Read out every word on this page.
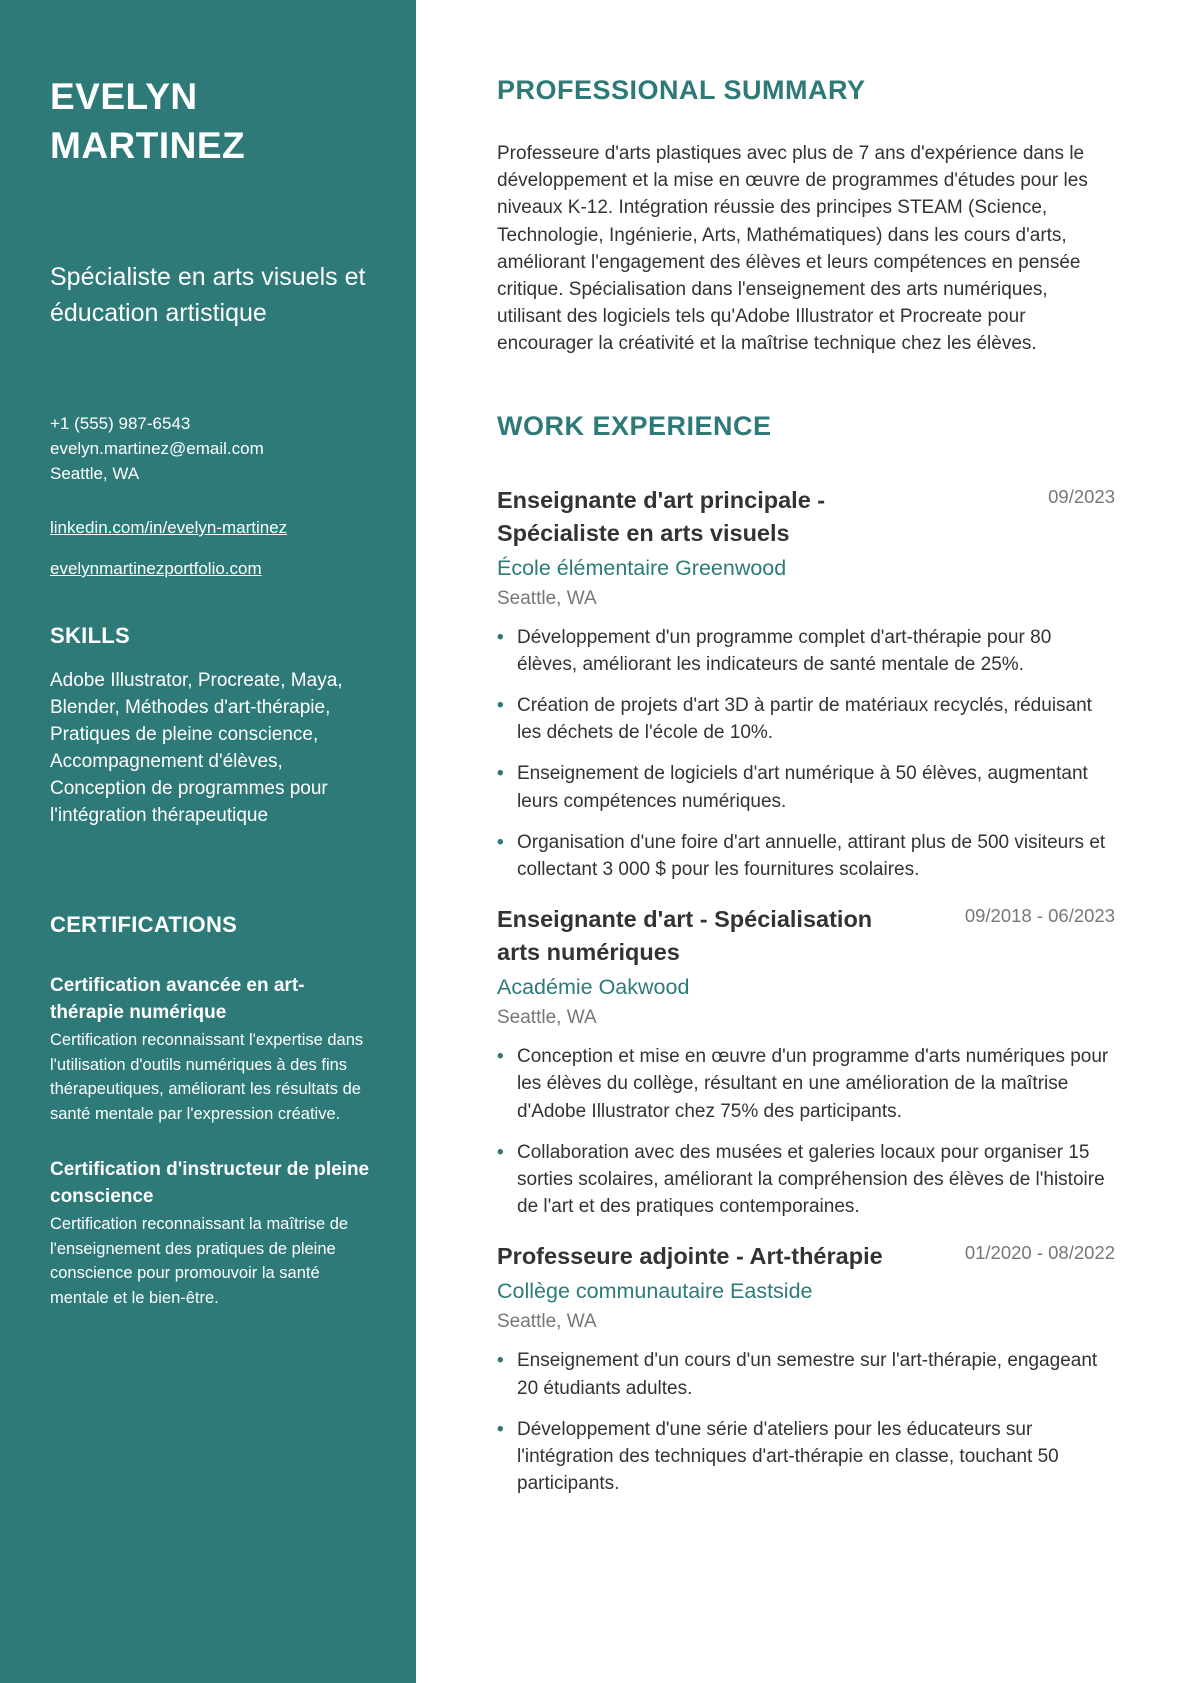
EVELYN
MARTINEZ
Spécialiste en arts visuels et éducation artistique
+1 (555) 987-6543
evelyn.martinez@email.com
Seattle, WA
linkedin.com/in/evelyn-martinez
evelynmartinezportfolio.com
SKILLS
Adobe Illustrator, Procreate, Maya, Blender, Méthodes d'art-thérapie, Pratiques de pleine conscience, Accompagnement d'élèves, Conception de programmes pour l'intégration thérapeutique
CERTIFICATIONS
Certification avancée en art-thérapie numérique
Certification reconnaissant l'expertise dans l'utilisation d'outils numériques à des fins thérapeutiques, améliorant les résultats de santé mentale par l'expression créative.
Certification d'instructeur de pleine conscience
Certification reconnaissant la maîtrise de l'enseignement des pratiques de pleine conscience pour promouvoir la santé mentale et le bien-être.
PROFESSIONAL SUMMARY

Professeure d'arts plastiques avec plus de 7 ans d'expérience dans le développement et la mise en œuvre de programmes d'études pour les niveaux K-12. Intégration réussie des principes STEAM (Science, Technologie, Ingénierie, Arts, Mathématiques) dans les cours d'arts, améliorant l'engagement des élèves et leurs compétences en pensée critique. Spécialisation dans l'enseignement des arts numériques, utilisant des logiciels tels qu'Adobe Illustrator et Procreate pour encourager la créativité et la maîtrise technique chez les élèves.

WORK EXPERIENCE
Enseignante d'art principale - Spécialiste en arts visuels
09/2023
École élémentaire Greenwood
Seattle, WA
• Développement d'un programme complet d'art-thérapie pour 80 élèves, améliorant les indicateurs de santé mentale de 25%.
• Création de projets d'art 3D à partir de matériaux recyclés, réduisant les déchets de l'école de 10%.
• Enseignement de logiciels d'art numérique à 50 élèves, augmentant leurs compétences numériques.
• Organisation d'une foire d'art annuelle, attirant plus de 500 visiteurs et collectant 3 000 $ pour les fournitures scolaires.
Enseignante d'art - Spécialisation arts numériques
09/2018 - 06/2023
Académie Oakwood
Seattle, WA
• Conception et mise en œuvre d'un programme d'arts numériques pour les élèves du collège, résultant en une amélioration de la maîtrise d'Adobe Illustrator chez 75% des participants.
• Collaboration avec des musées et galeries locaux pour organiser 15 sorties scolaires, améliorant la compréhension des élèves de l'histoire de l'art et des pratiques contemporaines.
Professeure adjointe - Art-thérapie	01/2020 - 08/2022
Collège communautaire Eastside
Seattle, WA
• Enseignement d'un cours d'un semestre sur l'art-thérapie, engageant 20 étudiants adultes.
• Développement d'une série d'ateliers pour les éducateurs sur l'intégration des techniques d'art-thérapie en classe, touchant 50 participants.
